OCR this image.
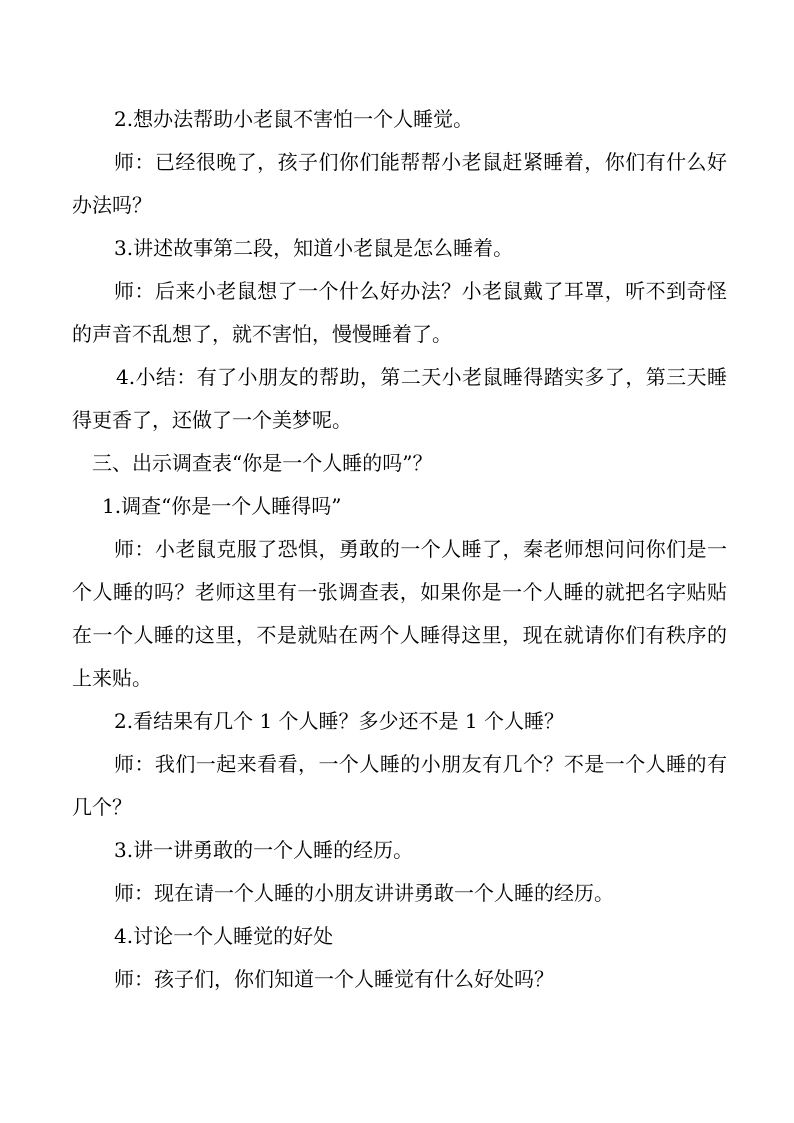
2.想办法帮助小老鼠不害怕一个人睡觉。

师：已经很晚了，孩子们你们能帮帮小老鼠赶紧睡着，你们有什么好办法吗？

3.讲述故事第二段，知道小老鼠是怎么睡着。

师：后来小老鼠想了一个什么好办法？小老鼠戴了耳罩，听不到奇怪的声音不乱想了，就不害怕，慢慢睡着了。

4.小结：有了小朋友的帮助，第二天小老鼠睡得踏实多了，第三天睡得更香了，还做了一个美梦呢。

三、出示调查表“你是一个人睡的吗”？

1.调查“你是一个人睡得吗”

师：小老鼠克服了恐惧，勇敢的一个人睡了，秦老师想问问你们是一个人睡的吗？老师这里有一张调查表，如果你是一个人睡的就把名字贴贴在一个人睡的这里，不是就贴在两个人睡得这里，现在就请你们有秩序的上来贴。

2.看结果有几个 1 个人睡？多少还不是 1 个人睡？

师：我们一起来看看，一个人睡的小朋友有几个？不是一个人睡的有几个？

3.讲一讲勇敢的一个人睡的经历。

师：现在请一个人睡的小朋友讲讲勇敢一个人睡的经历。

4.讨论一个人睡觉的好处

师：孩子们，你们知道一个人睡觉有什么好处吗？
